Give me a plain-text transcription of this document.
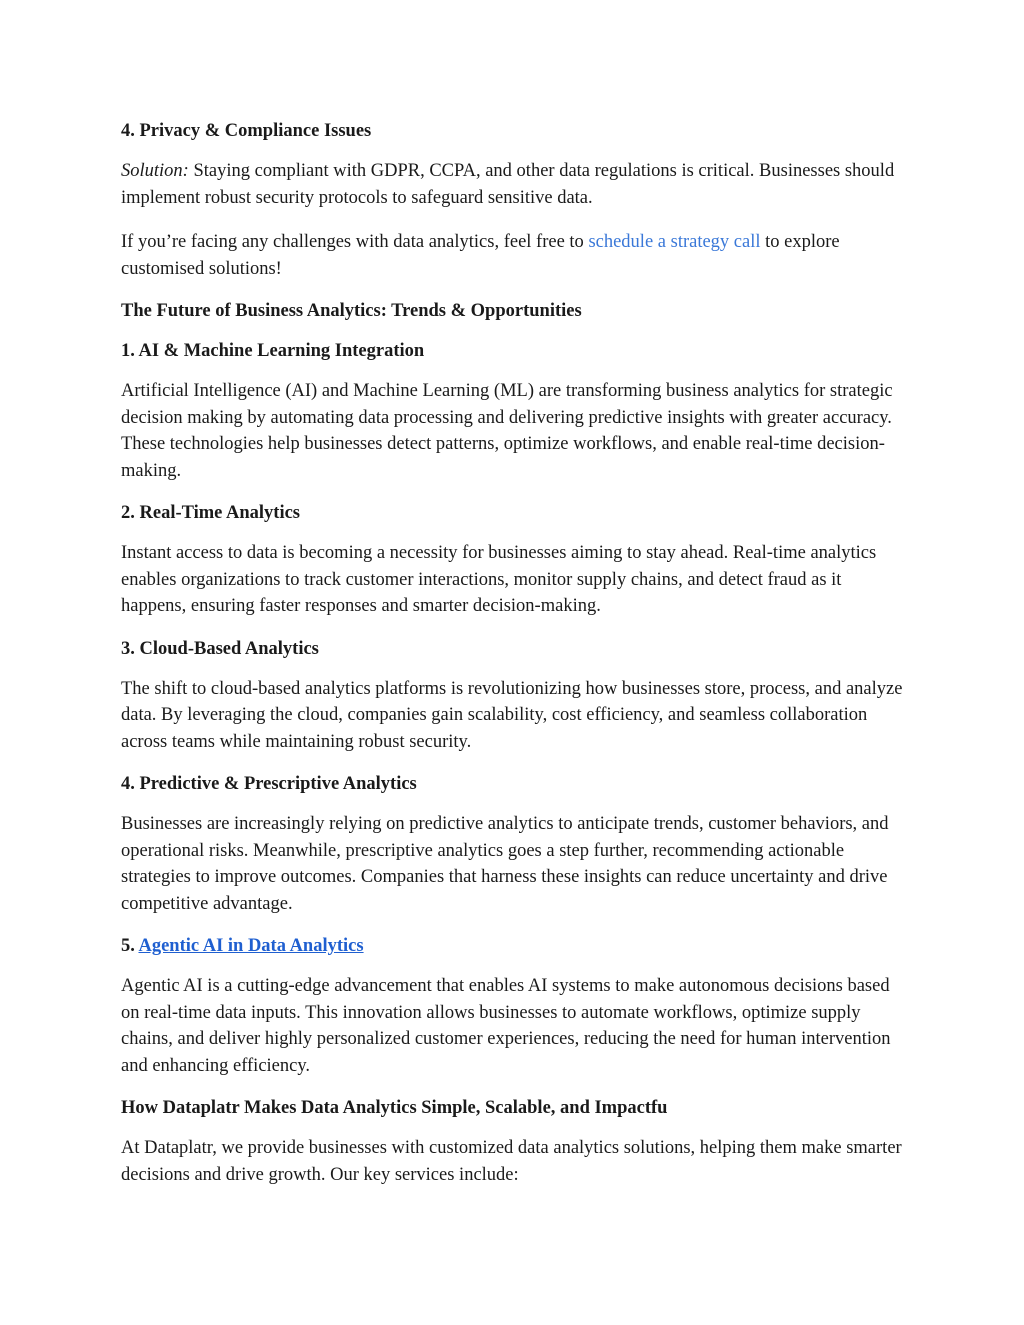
4. Privacy & Compliance Issues

Solution: Staying compliant with GDPR, CCPA, and other data regulations is critical. Businesses should implement robust security protocols to safeguard sensitive data.

If you’re facing any challenges with data analytics, feel free to schedule a strategy call to explore customised solutions!

The Future of Business Analytics: Trends & Opportunities
1. AI & Machine Learning Integration

Artificial Intelligence (AI) and Machine Learning (ML) are transforming business analytics for strategic decision making by automating data processing and delivering predictive insights with greater accuracy. These technologies help businesses detect patterns, optimize workflows, and enable real-time decision-making.

2. Real-Time Analytics

Instant access to data is becoming a necessity for businesses aiming to stay ahead. Real-time analytics enables organizations to track customer interactions, monitor supply chains, and detect fraud as it happens, ensuring faster responses and smarter decision-making.

3. Cloud-Based Analytics

The shift to cloud-based analytics platforms is revolutionizing how businesses store, process, and analyze data. By leveraging the cloud, companies gain scalability, cost efficiency, and seamless collaboration across teams while maintaining robust security.

4. Predictive & Prescriptive Analytics

Businesses are increasingly relying on predictive analytics to anticipate trends, customer behaviors, and operational risks. Meanwhile, prescriptive analytics goes a step further, recommending actionable strategies to improve outcomes. Companies that harness these insights can reduce uncertainty and drive competitive advantage.

5. Agentic AI in Data Analytics

Agentic AI is a cutting-edge advancement that enables AI systems to make autonomous decisions based on real-time data inputs. This innovation allows businesses to automate workflows, optimize supply chains, and deliver highly personalized customer experiences, reducing the need for human intervention and enhancing efficiency.

How Dataplatr Makes Data Analytics Simple, Scalable, and Impactfu

At Dataplatr, we provide businesses with customized data analytics solutions, helping them make smarter decisions and drive growth. Our key services include:
